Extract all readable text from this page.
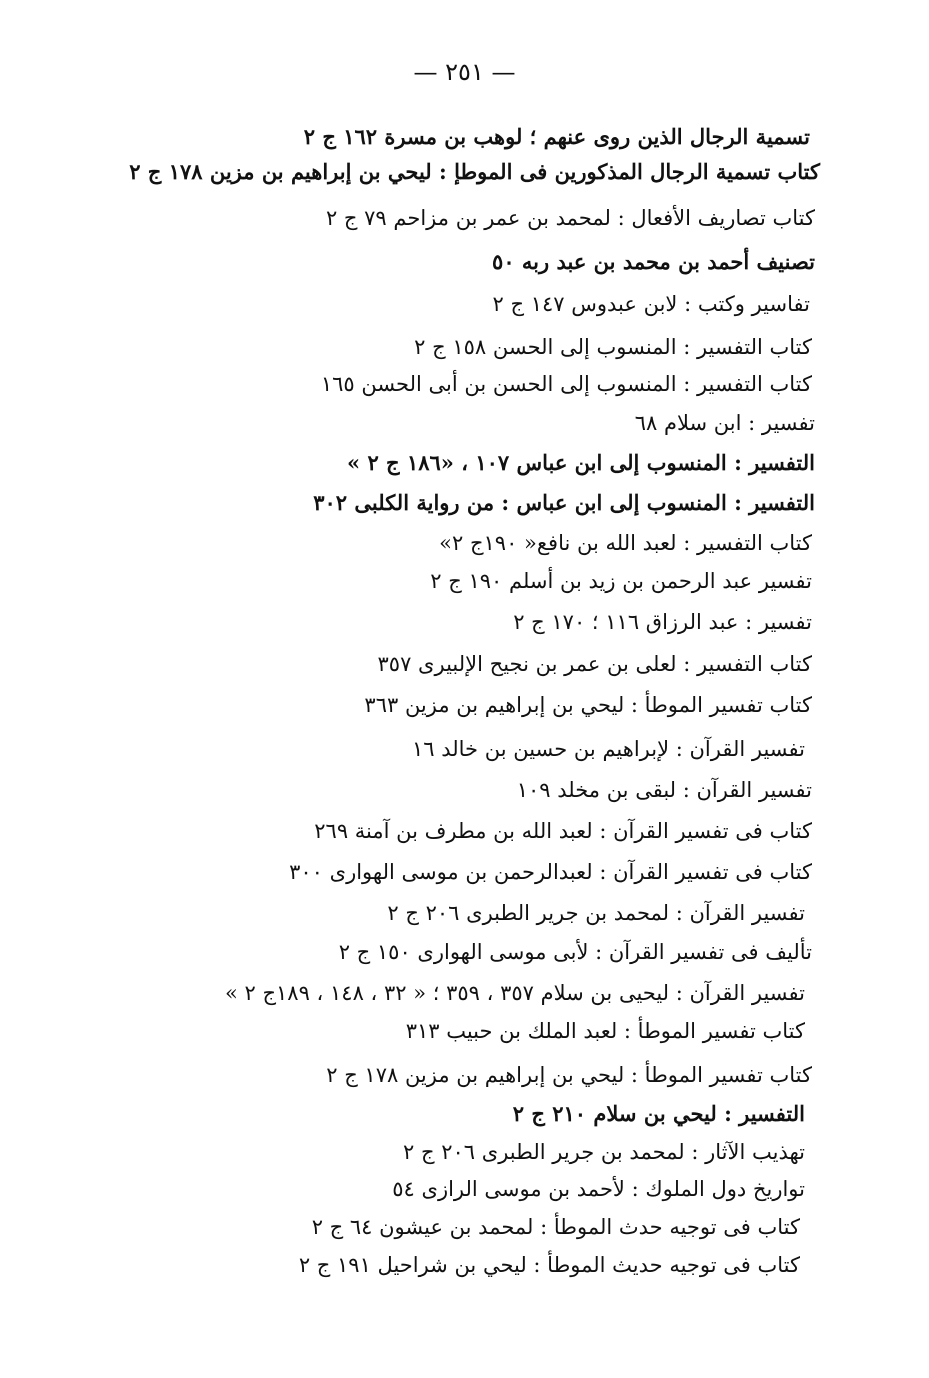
— ٢٥١ —
تسمية الرجال الذين روى عنهم ؛ لوهب بن مسرة ١٦٢ ج ٢
كتاب تسمية الرجال المذكورين فى الموطإ : ليحي بن إبراهيم بن مزين ١٧٨ ج ٢
كتاب تصاريف الأفعال : لمحمد بن عمر بن مزاحم ٧٩ ج ٢
تصنيف أحمد بن محمد بن عبد ربه ٥٠
تفاسير وكتب : لابن عبدوس ١٤٧ ج ٢
كتاب التفسير : المنسوب إلى الحسن ١٥٨ ج ٢
كتاب التفسير : المنسوب إلى الحسن بن أبى الحسن ١٦٥
تفسير : ابن سلام ٦٨
التفسير : المنسوب إلى ابن عباس ١٠٧ ، «١٨٦ ج ٢ »
التفسير : المنسوب إلى ابن عباس : من رواية الكلبى ٣٠٢
كتاب التفسير : لعبد الله بن نافع« ١٩٠ج ٢»
تفسير عبد الرحمن بن زيد بن أسلم ١٩٠ ج ٢
تفسير : عبد الرزاق ١١٦ ؛ ١٧٠ ج ٢
كتاب التفسير : لعلى بن عمر بن نجيح الإلبيرى ٣٥٧
كتاب تفسير الموطأ : ليحي بن إبراهيم بن مزين ٣٦٣
تفسير القرآن : لإبراهيم بن حسين بن خالد ١٦
تفسير القرآن : لبقى بن مخلد ١٠٩
كتاب فى تفسير القرآن : لعبد الله بن مطرف بن آمنة ٢٦٩
كتاب فى تفسير القرآن : لعبدالرحمن بن موسى الهوارى ٣٠٠
تفسير القرآن : لمحمد بن جرير الطبرى ٢٠٦ ج ٢
تأليف فى تفسير القرآن : لأبى موسى الهوارى ١٥٠ ج ٢
تفسير القرآن : ليحيى بن سلام ٣٥٧ ، ٣٥٩ ؛ « ٣٢ ، ١٤٨ ، ١٨٩ج ٢ »
كتاب تفسير الموطأ : لعبد الملك بن حبيب ٣١٣
كتاب تفسير الموطأ : ليحي بن إبراهيم بن مزين ١٧٨ ج ٢
التفسير : ليحي بن سلام ٢١٠ ج ٢
تهذيب الآثار : لمحمد بن جرير الطبرى ٢٠٦ ج ٢
تواريخ دول الملوك : لأحمد بن موسى الرازى ٥٤
كتاب فى توجيه حدث الموطأ : لمحمد بن عيشون ٦٤ ج ٢
كتاب فى توجيه حديث الموطأ : ليحي بن شراحيل ١٩١ ج ٢
